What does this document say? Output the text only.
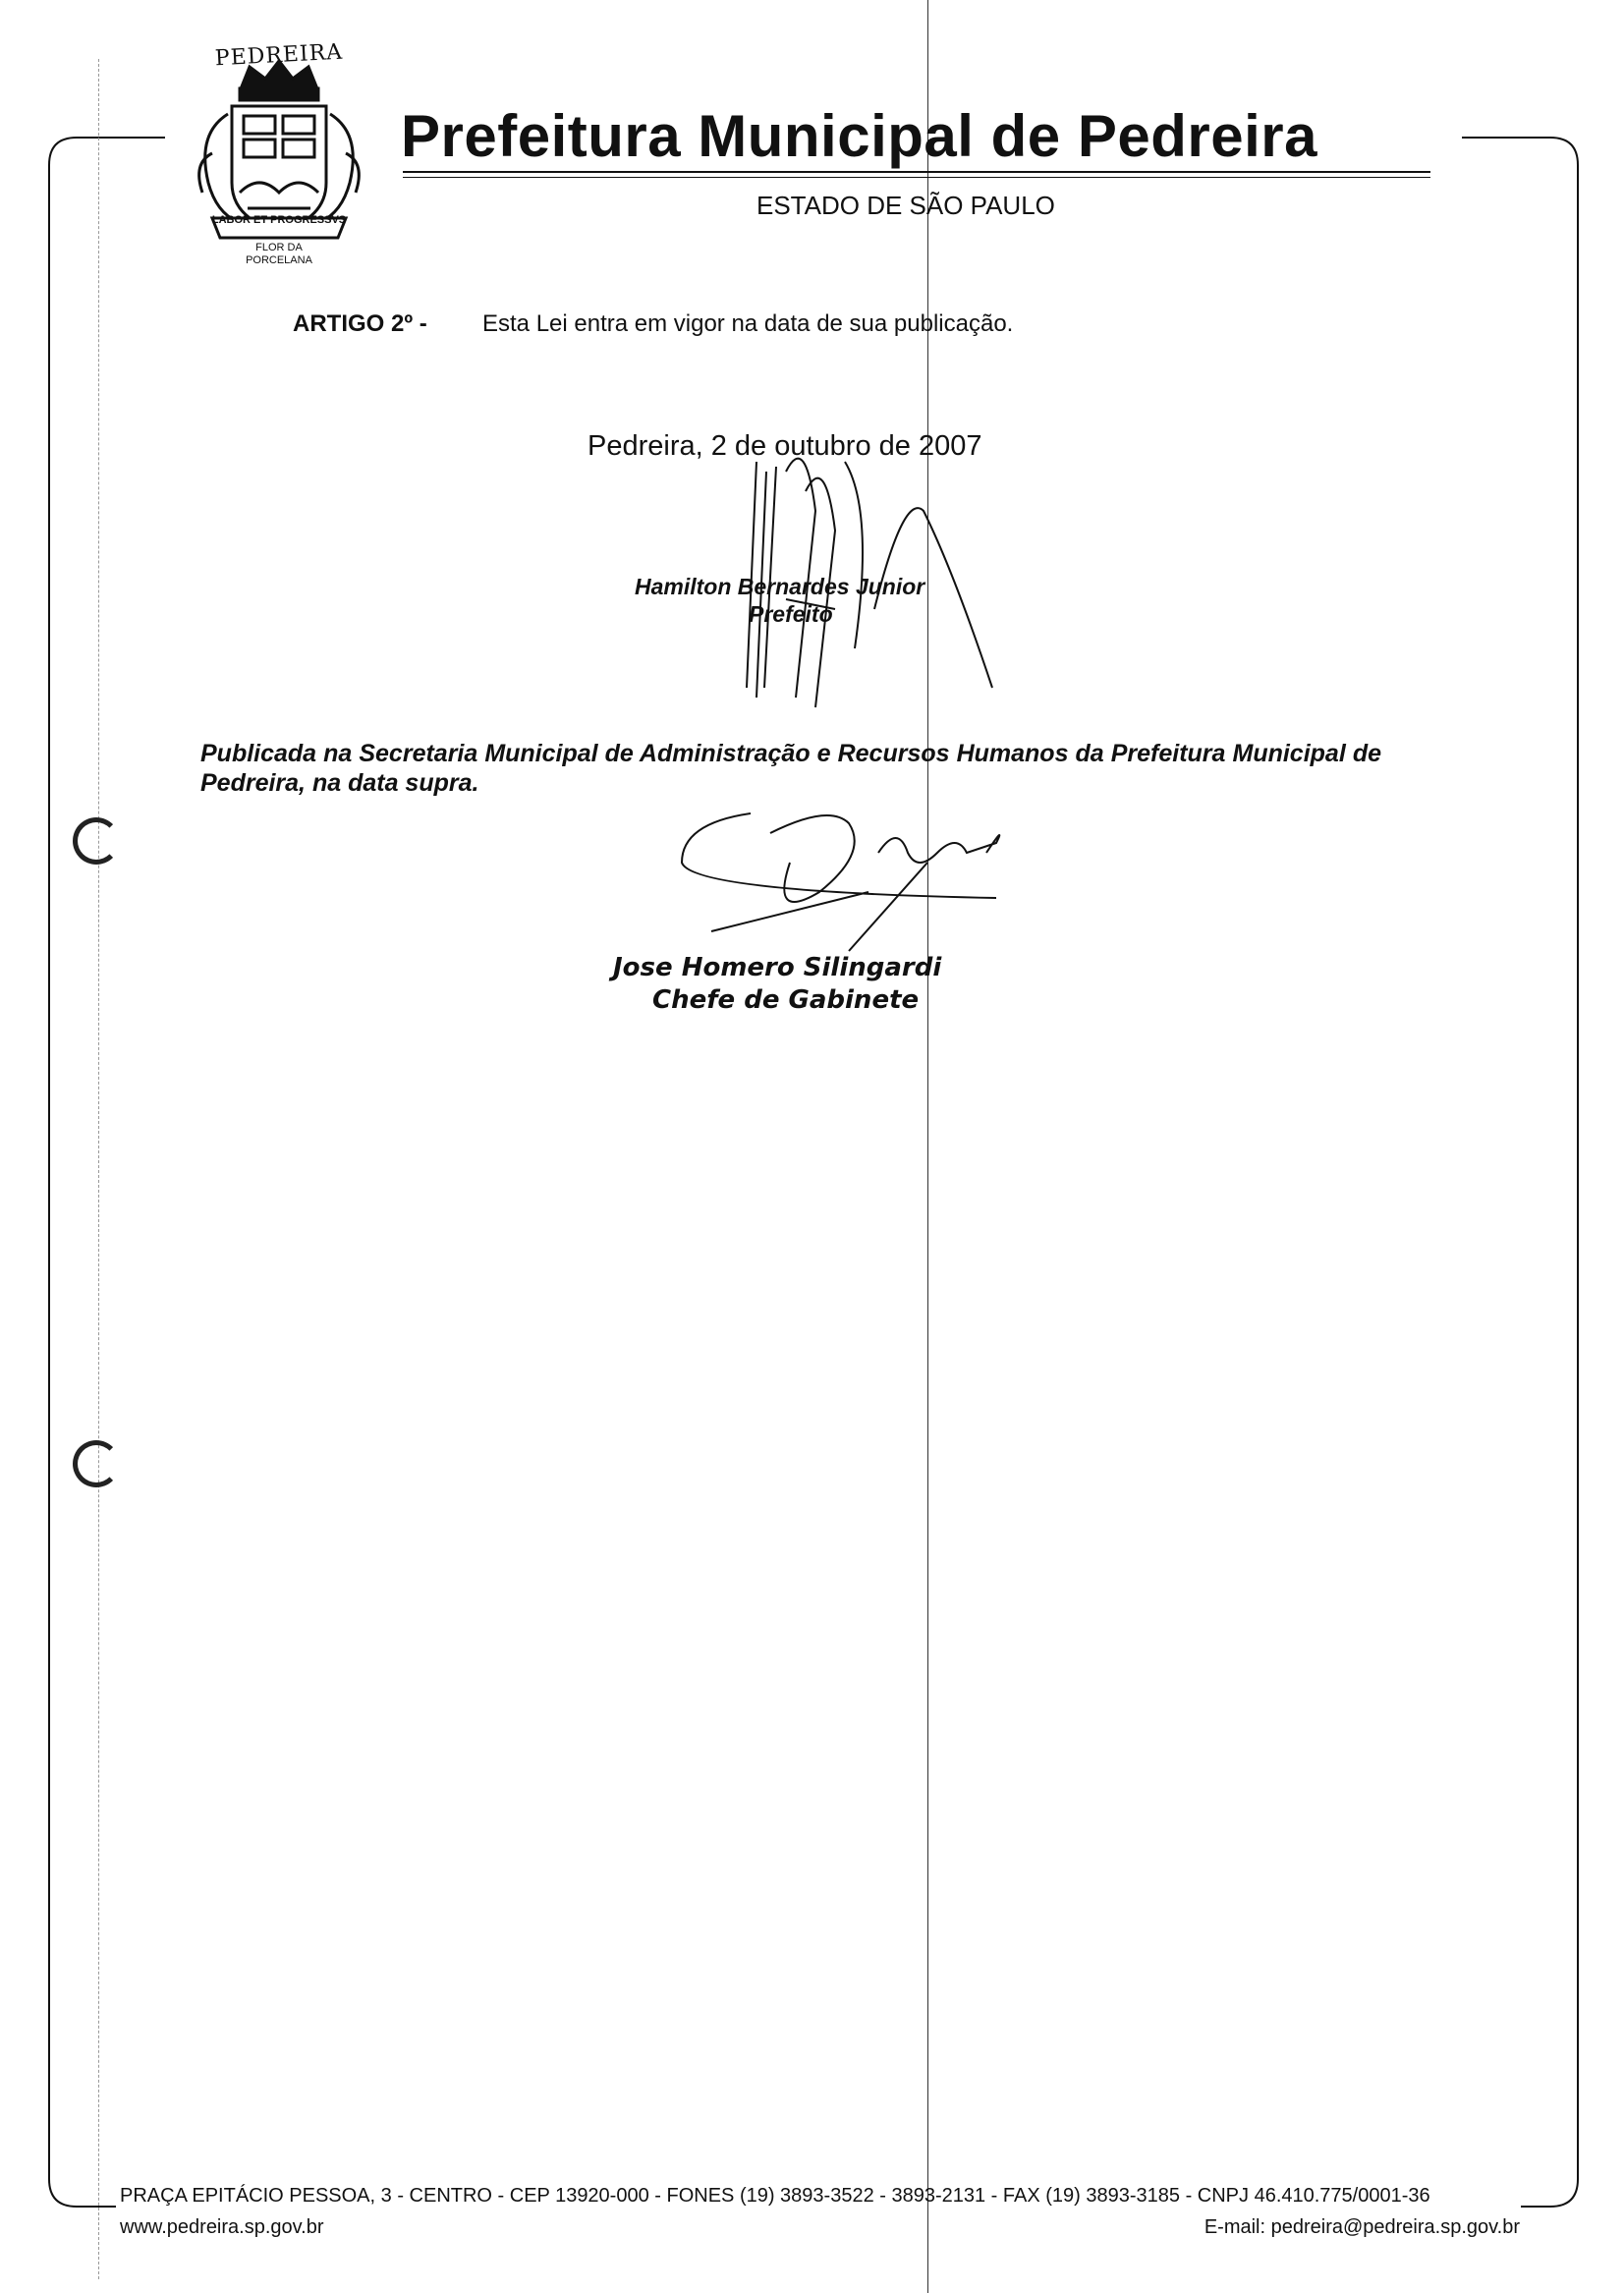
PEDREIRA
LABOR ET PROGRESSVS
FLOR DA
PORCELANA
Prefeitura Municipal de Pedreira
ESTADO DE SÃO PAULO
ARTIGO 2º - Esta Lei entra em vigor na data de sua publicação.
Pedreira, 2 de outubro de 2007
Hamilton Bernardes Junior
Prefeito
Publicada na Secretaria Municipal de Administração e Recursos Humanos da Prefeitura Municipal de Pedreira, na data supra.
Jose Homero Silingardi
Chefe de Gabinete
PRAÇA EPITÁCIO PESSOA, 3 - CENTRO - CEP 13920-000 - FONES (19) 3893-3522 - 3893-2131 - FAX (19) 3893-3185 - CNPJ 46.410.775/0001-36
www.pedreira.sp.gov.br	E-mail: pedreira@pedreira.sp.gov.br
